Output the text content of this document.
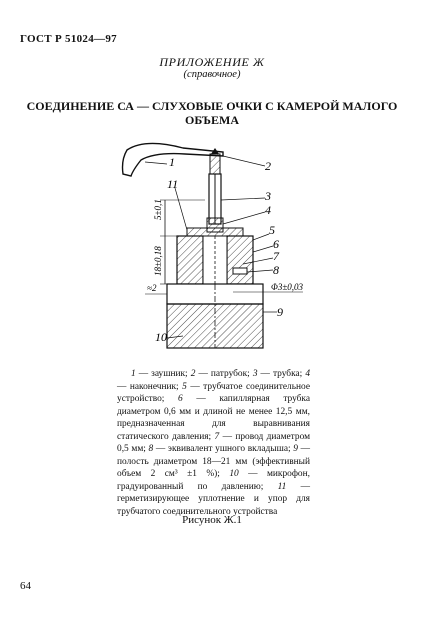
ГОСТ Р 51024—97
ПРИЛОЖЕНИЕ Ж
(справочное)
СОЕДИНЕНИЕ СА — СЛУХОВЫЕ ОЧКИ С КАМЕРОЙ МАЛОГО ОБЪЕМА
1	2
3
4
5
6
7
8
9
10
11
5±0,1
18±0,18
≈2	Φ3±0,03
1 — заушник; 2 — патрубок; 3 — трубка; 4 — наконечник; 5 — трубчатое соединительное устройство; 6 — капиллярная трубка диаметром 0,6 мм и длиной не менее 12,5 мм, предназначенная для выравнивания статического давления; 7 — провод диаметром 0,5 мм; 8 — эквивалент ушного вкладыша; 9 — полость диаметром 18—21 мм (эффективный объем 2 см³ ±1 %); 10 — микрофон, градуированный по давлению; 11 — герметизирующее уплотнение и упор для трубчатого соединительного устройства
Рисунок Ж.1
64
